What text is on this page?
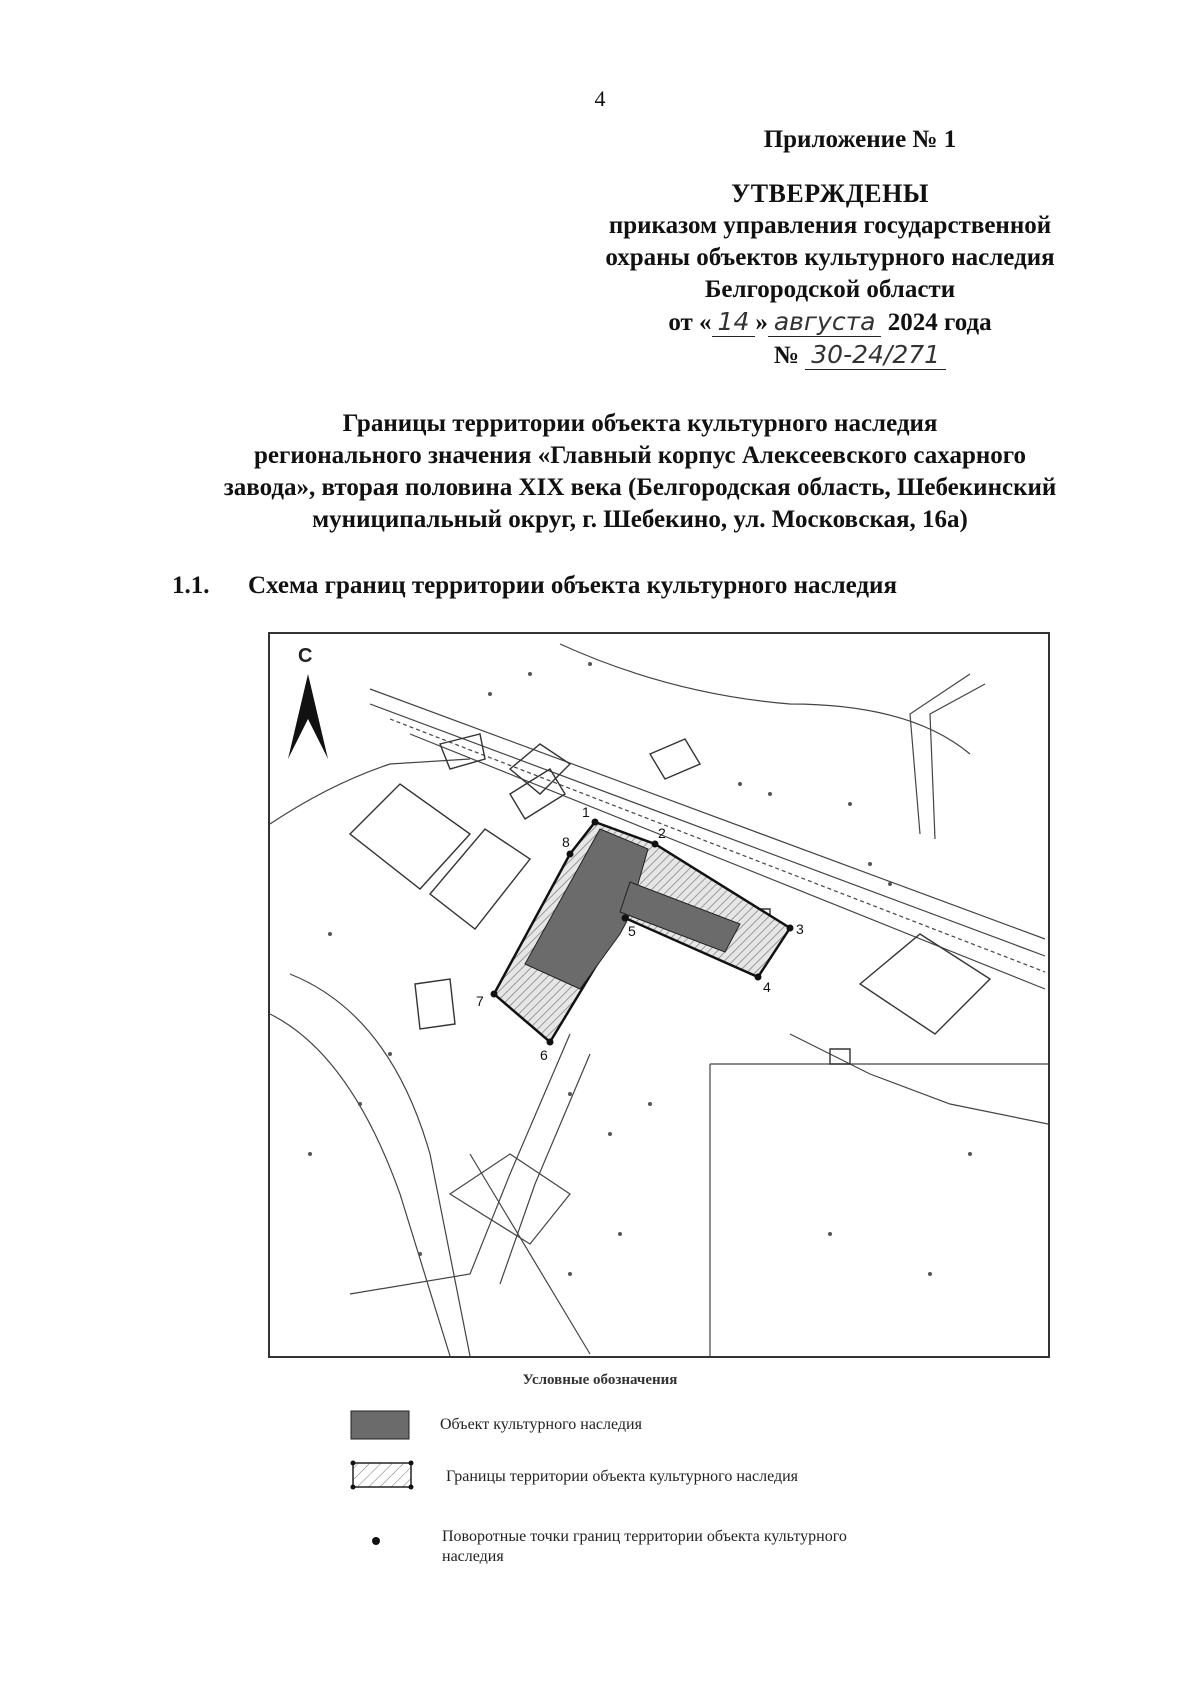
4
Приложение № 1
УТВЕРЖДЕНЫ
приказом управления государственной
охраны объектов культурного наследия
Белгородской области
от « 14 » августа 2024 года
№ 30-24/271
Границы территории объекта культурного наследия
регионального значения «Главный корпус Алексеевского сахарного
завода», вторая половина XIX века (Белгородская область, Шебекинский
муниципальный округ, г. Шебекино, ул. Московская, 16а)
1.1. Схема границ территории объекта культурного наследия
С
1
2
3
4
5
6
7
8
Условные обозначения
Объект культурного наследия
Границы территории объекта культурного наследия
Поворотные точки границ территории объекта культурного
наследия
